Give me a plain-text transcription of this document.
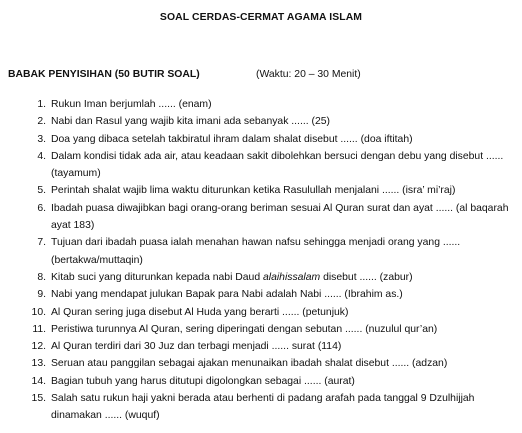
SOAL CERDAS-CERMAT AGAMA ISLAM
BABAK PENYISIHAN (50 BUTIR SOAL)	(Waktu: 20 – 30 Menit)
1 . Rukun Iman berjumlah ...... (enam)
2 . Nabi dan Rasul yang wajib kita imani ada sebanyak ...... (25)
3 . Doa yang dibaca setelah takbiratul ihram dalam shalat disebut ...... (doa iftitah)
4 . Dalam kondisi tidak ada air, atau keadaan sakit dibolehkan bersuci dengan debu yang disebut ...... (tayamum)
5 . Perintah shalat wajib lima waktu diturunkan ketika Rasulullah menjalani ...... (isra’ mi’raj)
6 . Ibadah puasa diwajibkan bagi orang-orang beriman sesuai Al Quran surat dan ayat ...... (al baqarah ayat 183)
7 . Tujuan dari ibadah puasa ialah menahan hawan nafsu sehingga menjadi orang yang ...... (bertakwa/muttaqin)
8 . Kitab suci yang diturunkan kepada nabi Daud alaihissalam disebut ...... (zabur)
9 . Nabi yang mendapat julukan Bapak para Nabi adalah Nabi ...... (Ibrahim as.)
10 . Al Quran sering juga disebut Al Huda yang berarti ...... (petunjuk)
11 . Peristiwa turunnya Al Quran, sering diperingati dengan sebutan ...... (nuzulul qur’an)
12 . Al Quran terdiri dari 30 Juz dan terbagi menjadi ...... surat (114)
13 . Seruan atau panggilan sebagai ajakan menunaikan ibadah shalat disebut ...... (adzan)
14 . Bagian tubuh yang harus ditutupi digolongkan sebagai ...... (aurat)
15 . Salah satu rukun haji yakni berada atau berhenti di padang arafah pada tanggal 9 Dzulhijjah dinamakan ...... (wuquf)
